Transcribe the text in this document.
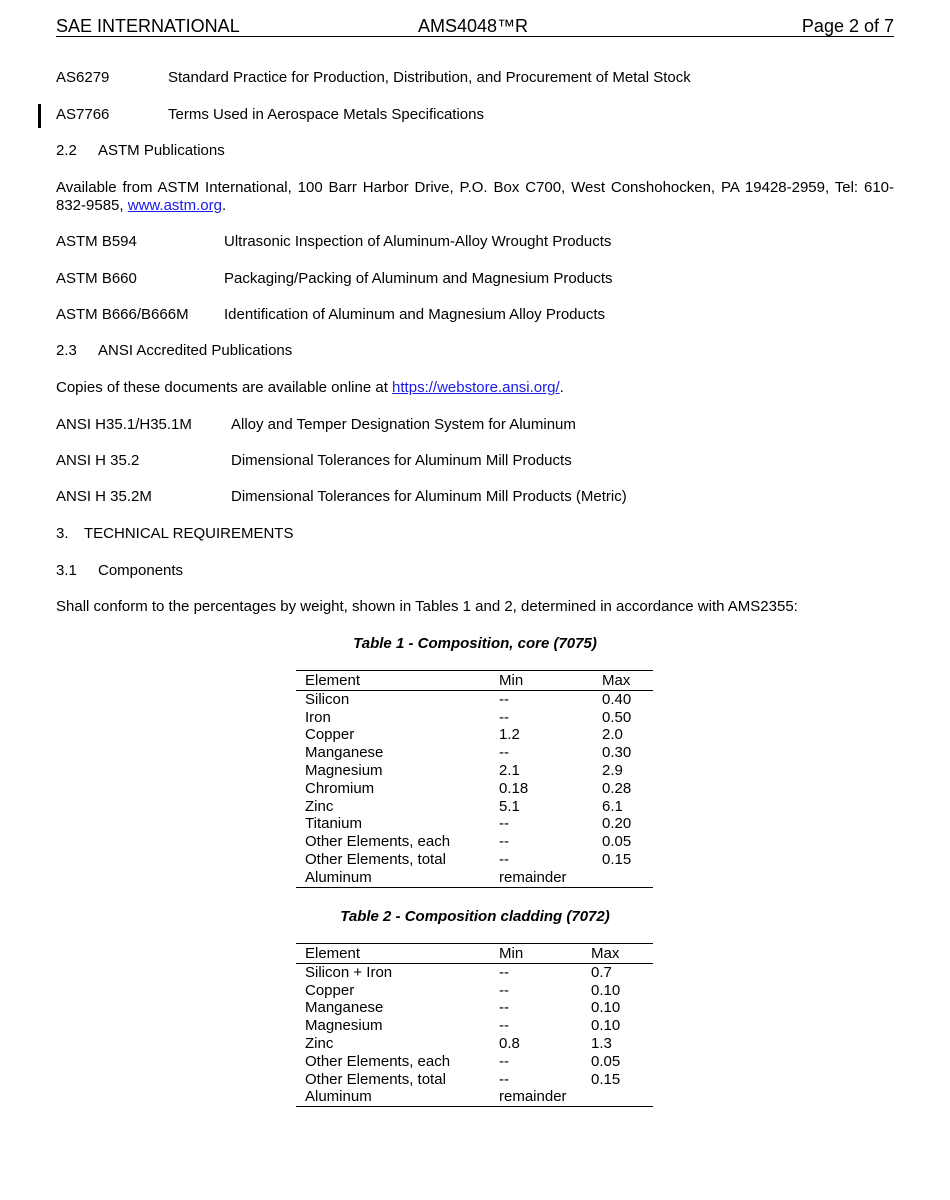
SAE INTERNATIONAL	AMS4048™R	Page 2 of 7
AS6279	Standard Practice for Production, Distribution, and Procurement of Metal Stock
AS7766	Terms Used in Aerospace Metals Specifications
2.2 ASTM Publications
Available from ASTM International, 100 Barr Harbor Drive, P.O. Box C700, West Conshohocken, PA 19428-2959, Tel: 610-832-9585, www.astm.org.
ASTM B594	Ultrasonic Inspection of Aluminum-Alloy Wrought Products
ASTM B660	Packaging/Packing of Aluminum and Magnesium Products
ASTM B666/B666M Identification of Aluminum and Magnesium Alloy Products
2.3 ANSI Accredited Publications
Copies of these documents are available online at https://webstore.ansi.org/.
ANSI H35.1/H35.1M	Alloy and Temper Designation System for Aluminum
ANSI H 35.2	Dimensional Tolerances for Aluminum Mill Products
ANSI H 35.2M	Dimensional Tolerances for Aluminum Mill Products (Metric)
3. TECHNICAL REQUIREMENTS
3.1 Components
Shall conform to the percentages by weight, shown in Tables 1 and 2, determined in accordance with AMS2355:
Table 1 - Composition, core (7075)
Element	Min	Max
Silicon	--	0.40
Iron	--	0.50
Copper	1.2	2.0
Manganese	--	0.30
Magnesium	2.1	2.9
Chromium	0.18	0.28
Zinc	5.1	6.1
Titanium	--	0.20
Other Elements, each	--	0.05
Other Elements, total	--	0.15
Aluminum	remainder	
Table 2 - Composition cladding (7072)
Element	Min	Max
Silicon + Iron	--	0.7
Copper	--	0.10
Manganese	--	0.10
Magnesium	--	0.10
Zinc	0.8	1.3
Other Elements, each	--	0.05
Other Elements, total	--	0.15
Aluminum	remainder	
